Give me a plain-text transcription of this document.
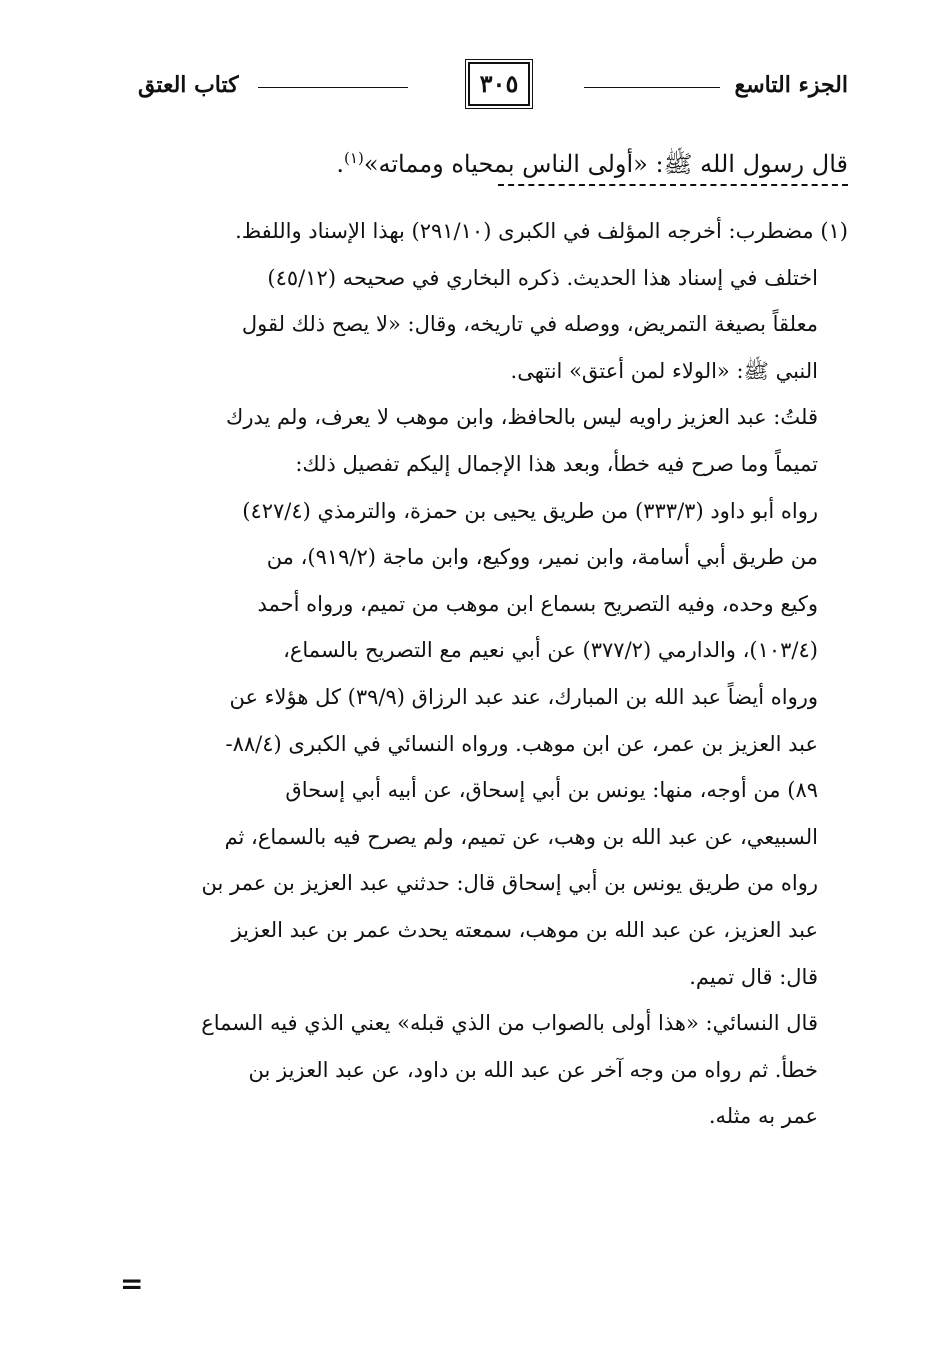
الجزء التاسع
٣٠٥
كتاب العتق
قال رسول الله ﷺ: «أولى الناس بمحياه ومماته»$^{(١)}$.

(١) مضطرب: أخرجه المؤلف في الكبرى (٢٩١/١٠) بهذا الإسناد واللفظ.

اختلف في إسناد هذا الحديث. ذكره البخاري في صحيحه (٤٥/١٢)

معلقاً بصيغة التمريض، ووصله في تاريخه، وقال: «لا يصح ذلك لقول

النبي ﷺ: «الولاء لمن أعتق» انتهى.

قلتُ: عبد العزيز راويه ليس بالحافظ، وابن موهب لا يعرف، ولم يدرك

تميماً وما صرح فيه خطأ، وبعد هذا الإجمال إليكم تفصيل ذلك:

رواه أبو داود (٣٣٣/٣) من طريق يحيى بن حمزة، والترمذي (٤٢٧/٤)

من طريق أبي أسامة، وابن نمير، ووكيع، وابن ماجة (٩١٩/٢)، من

وكيع وحده، وفيه التصريح بسماع ابن موهب من تميم، ورواه أحمد

(١٠٣/٤)، والدارمي (٣٧٧/٢) عن أبي نعيم مع التصريح بالسماع،

ورواه أيضاً عبد الله بن المبارك، عند عبد الرزاق (٣٩/٩) كل هؤلاء عن

عبد العزيز بن عمر، عن ابن موهب. ورواه النسائي في الكبرى (٨٨/٤-

٨٩) من أوجه، منها: يونس بن أبي إسحاق، عن أبيه أبي إسحاق

السبيعي، عن عبد الله بن وهب، عن تميم، ولم يصرح فيه بالسماع، ثم

رواه من طريق يونس بن أبي إسحاق قال: حدثني عبد العزيز بن عمر بن

عبد العزيز، عن عبد الله بن موهب، سمعته يحدث عمر بن عبد العزيز

قال: قال تميم.

قال النسائي: «هذا أولى بالصواب من الذي قبله» يعني الذي فيه السماع

خطأ. ثم رواه من وجه آخر عن عبد الله بن داود، عن عبد العزيز بن

عمر به مثله.

=
